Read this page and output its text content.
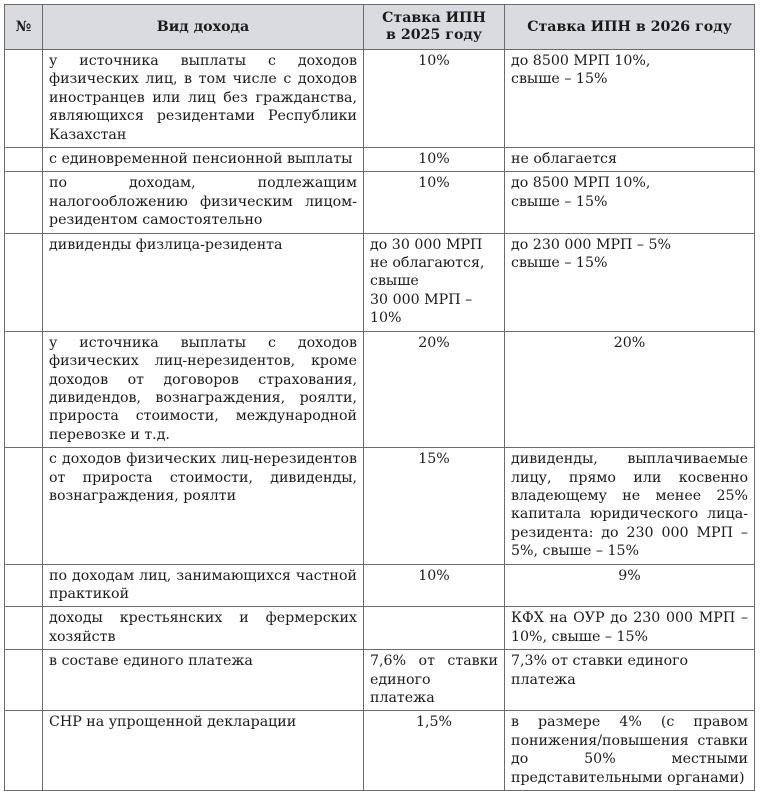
№	Вид дохода	Ставка ИПН
в 2025 году	Ставка ИПН в 2026 году
	у источника выплаты с доходов физических лиц, в том числе с доходов иностранцев или лиц без гражданства, являющихся резидентами Республики Казахстан	10%	до 8500 МРП 10%,
свыше – 15%

	с единовременной пенсионной выплаты	10%	не облагается

	по доходам, подлежащим налогообложению физическим лицом-резидентом самостоятельно	10%	до 8500 МРП 10%,
свыше – 15%

	дивиденды физлица-резидента	до 30 000 МРП
не облагаются,
свыше
30 000 МРП – 10%	до 230 000 МРП – 5%
свыше – 15%

	у источника выплаты с доходов физических лиц-нерезидентов, кроме доходов от договоров страхования, дивидендов, вознаграждения, роялти, прироста стоимости, международной перевозке и т.д.	20%	20%

	с доходов физических лиц-нерезидентов от прироста стоимости, дивиденды, вознаграждения, роялти	15%	дивиденды, выплачиваемые лицу, прямо или косвенно владеющему не менее 25% капитала юридического лица-резидента: до 230 000 МРП – 5%, свыше – 15%

	по доходам лиц, занимающихся частной практикой	10%	9%

	доходы крестьянских и фермерских хозяйств		КФХ на ОУР до 230 000 МРП – 10%, свыше – 15%

	в составе единого платежа	7,6% от ставки единого платежа	7,3% от ставки единого платежа

	СНР на упрощенной декларации	1,5%	в размере 4% (с правом понижения/повышения ставки до 50% местными представительными органами)
